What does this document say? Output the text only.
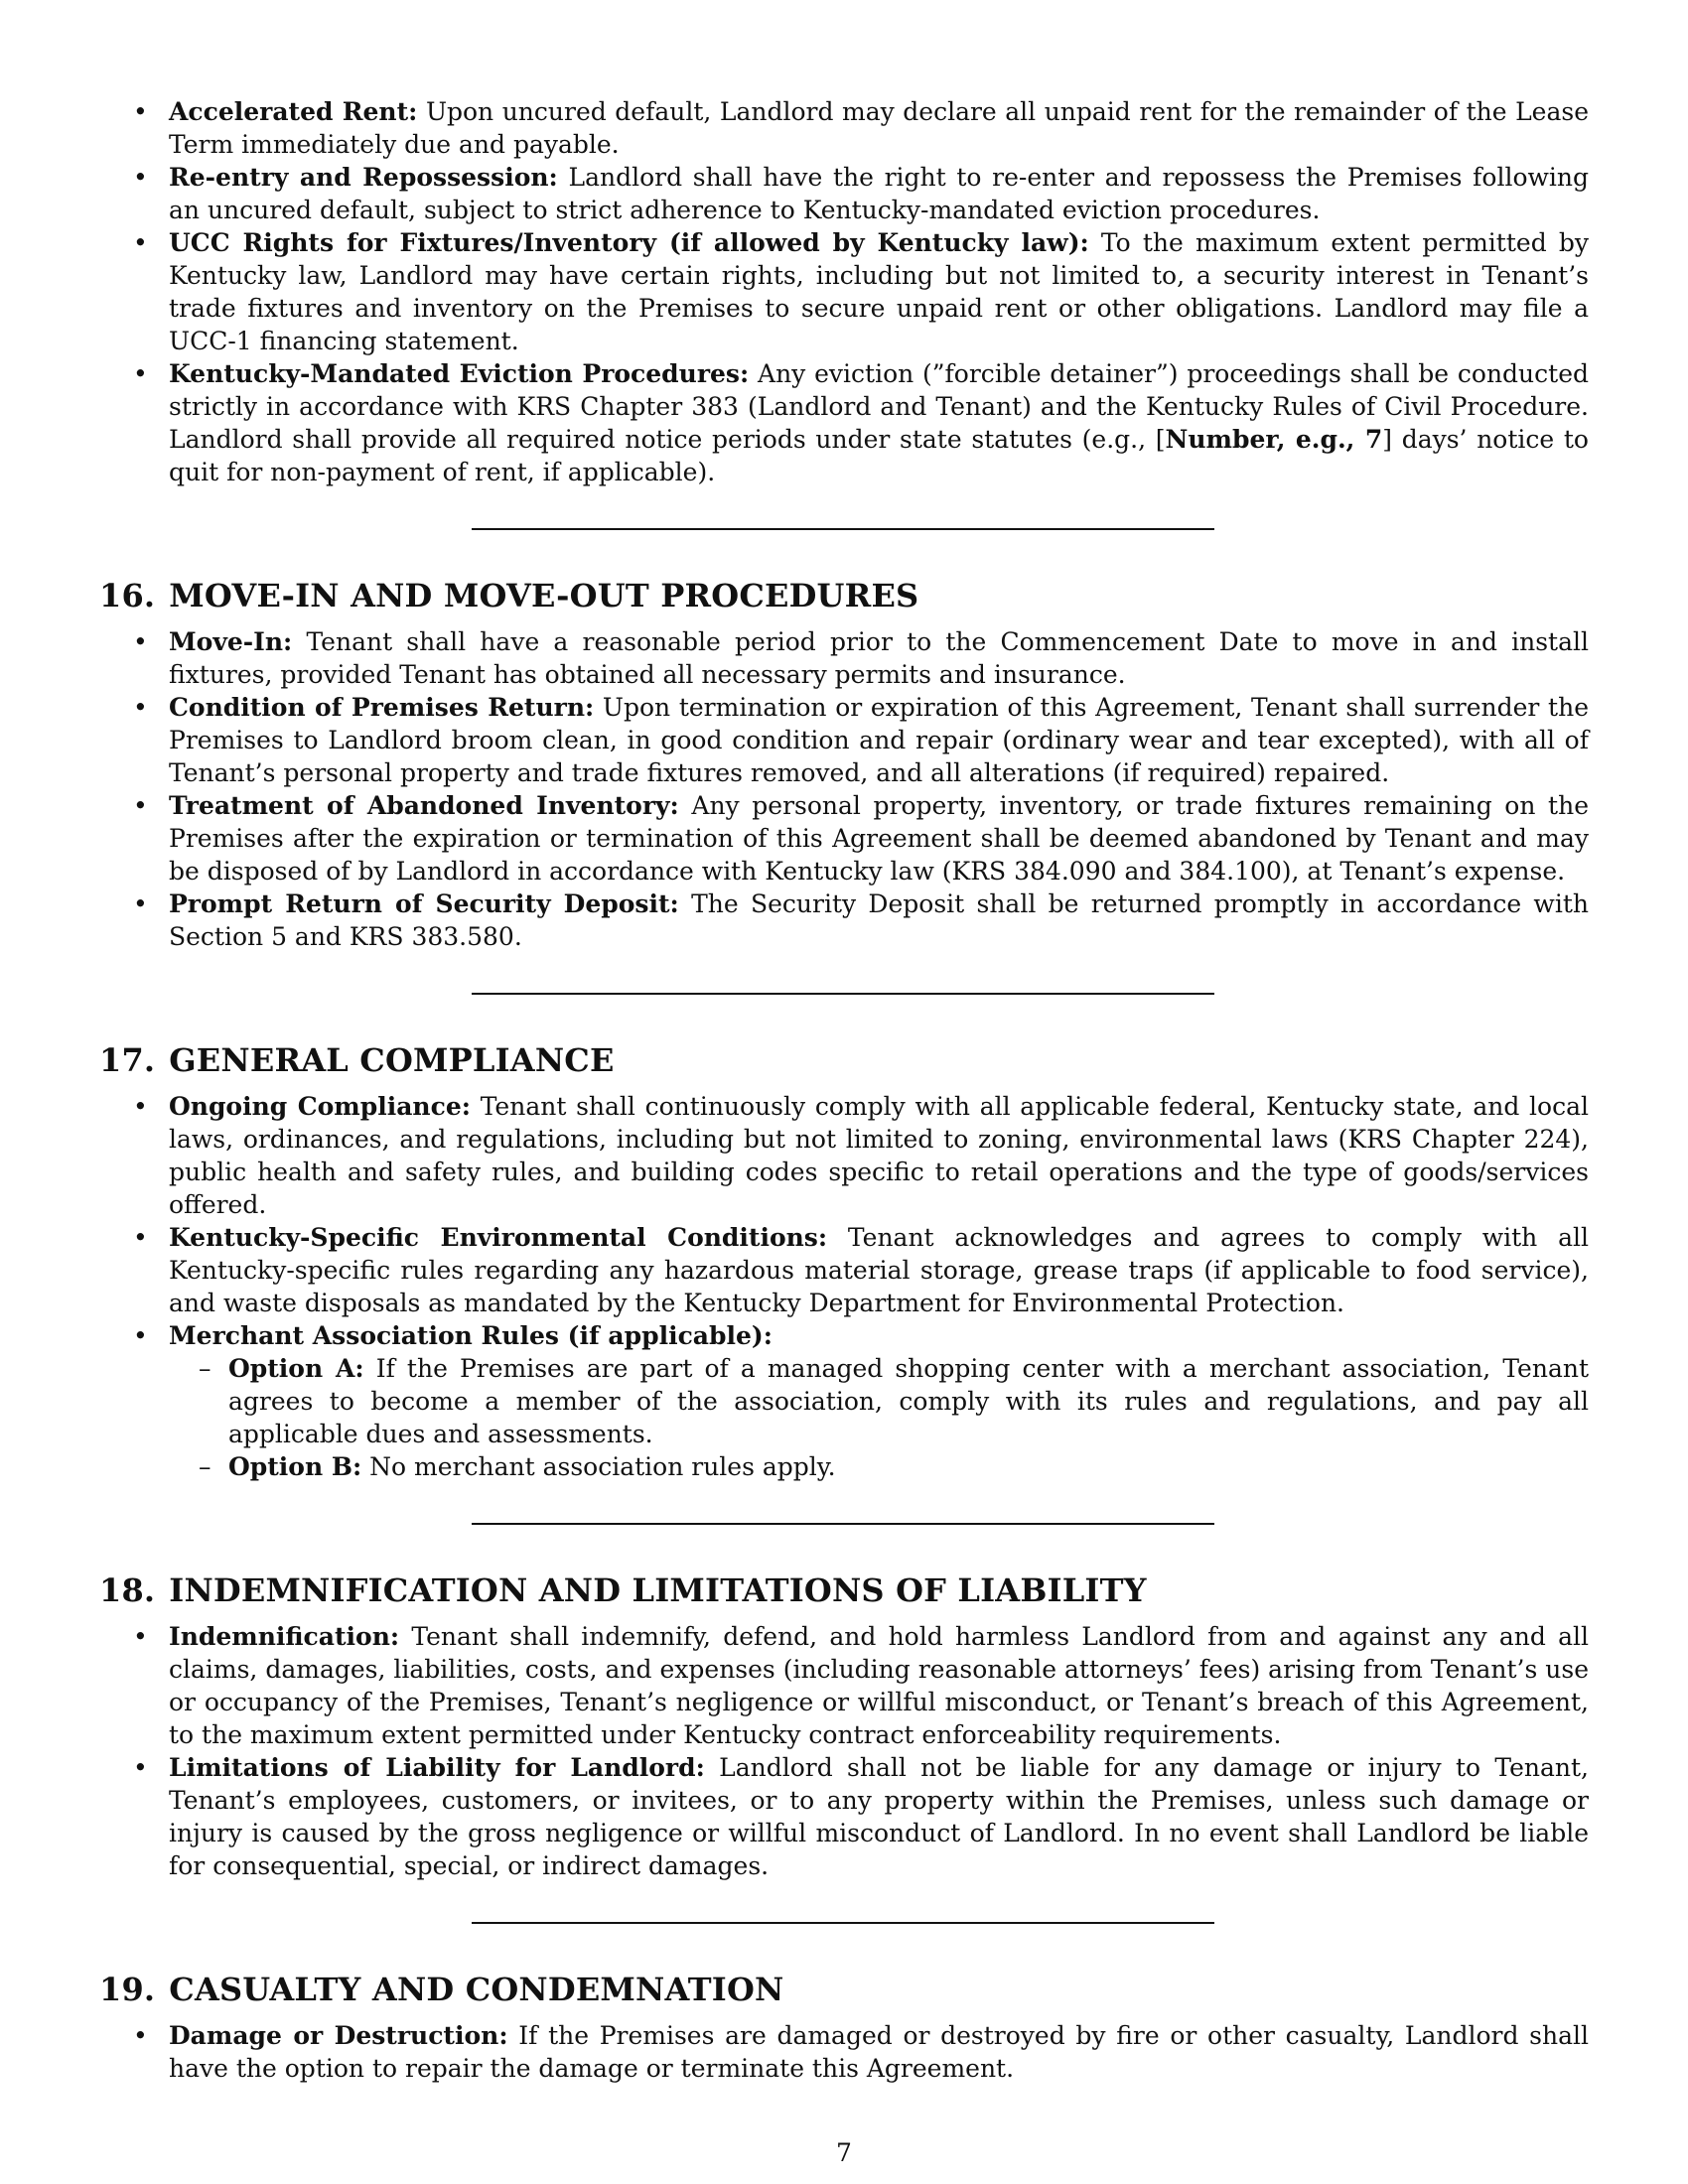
• Accelerated Rent: Upon uncured default, Landlord may declare all unpaid rent for the remainder of the Lease Term immediately due and payable.
• Re-entry and Repossession: Landlord shall have the right to re-enter and repossess the Premises following an uncured default, subject to strict adherence to Kentucky-mandated eviction procedures.
• UCC Rights for Fixtures/Inventory (if allowed by Kentucky law): To the maximum extent permitted by Kentucky law, Landlord may have certain rights, including but not limited to, a security interest in Tenant’s trade fixtures and inventory on the Premises to secure unpaid rent or other obligations. Landlord may file a UCC-1 financing statement.
• Kentucky-Mandated Eviction Procedures: Any eviction (”forcible detainer”) proceedings shall be conducted strictly in accordance with KRS Chapter 383 (Landlord and Tenant) and the Kentucky Rules of Civil Procedure. Landlord shall provide all required notice periods under state statutes (e.g., [Number, e.g., 7] days’ notice to quit for non-payment of rent, if applicable).
16. MOVE-IN AND MOVE-OUT PROCEDURES
• Move-In: Tenant shall have a reasonable period prior to the Commencement Date to move in and install fixtures, provided Tenant has obtained all necessary permits and insurance.
• Condition of Premises Return: Upon termination or expiration of this Agreement, Tenant shall surrender the Premises to Landlord broom clean, in good condition and repair (ordinary wear and tear excepted), with all of Tenant’s personal property and trade fixtures removed, and all alterations (if required) repaired.
• Treatment of Abandoned Inventory: Any personal property, inventory, or trade fixtures remaining on the Premises after the expiration or termination of this Agreement shall be deemed abandoned by Tenant and may be disposed of by Landlord in accordance with Kentucky law (KRS 384.090 and 384.100), at Tenant’s expense.
• Prompt Return of Security Deposit: The Security Deposit shall be returned promptly in accordance with Section 5 and KRS 383.580.
17. GENERAL COMPLIANCE
• Ongoing Compliance: Tenant shall continuously comply with all applicable federal, Kentucky state, and local laws, ordinances, and regulations, including but not limited to zoning, environmental laws (KRS Chapter 224), public health and safety rules, and building codes specific to retail operations and the type of goods/services offered.
• Kentucky-Specific Environmental Conditions: Tenant acknowledges and agrees to comply with all Kentucky-specific rules regarding any hazardous material storage, grease traps (if applicable to food service), and waste disposals as mandated by the Kentucky Department for Environmental Protection.
• Merchant Association Rules (if applicable):
– Option A: If the Premises are part of a managed shopping center with a merchant association, Tenant agrees to become a member of the association, comply with its rules and regulations, and pay all applicable dues and assessments.
– Option B: No merchant association rules apply.
18. INDEMNIFICATION AND LIMITATIONS OF LIABILITY
• Indemnification: Tenant shall indemnify, defend, and hold harmless Landlord from and against any and all claims, damages, liabilities, costs, and expenses (including reasonable attorneys’ fees) arising from Tenant’s use or occupancy of the Premises, Tenant’s negligence or willful misconduct, or Tenant’s breach of this Agreement, to the maximum extent permitted under Kentucky contract enforceability requirements.
• Limitations of Liability for Landlord: Landlord shall not be liable for any damage or injury to Tenant, Tenant’s employees, customers, or invitees, or to any property within the Premises, unless such damage or injury is caused by the gross negligence or willful misconduct of Landlord. In no event shall Landlord be liable for consequential, special, or indirect damages.
19. CASUALTY AND CONDEMNATION
• Damage or Destruction: If the Premises are damaged or destroyed by fire or other casualty, Landlord shall have the option to repair the damage or terminate this Agreement.
7
